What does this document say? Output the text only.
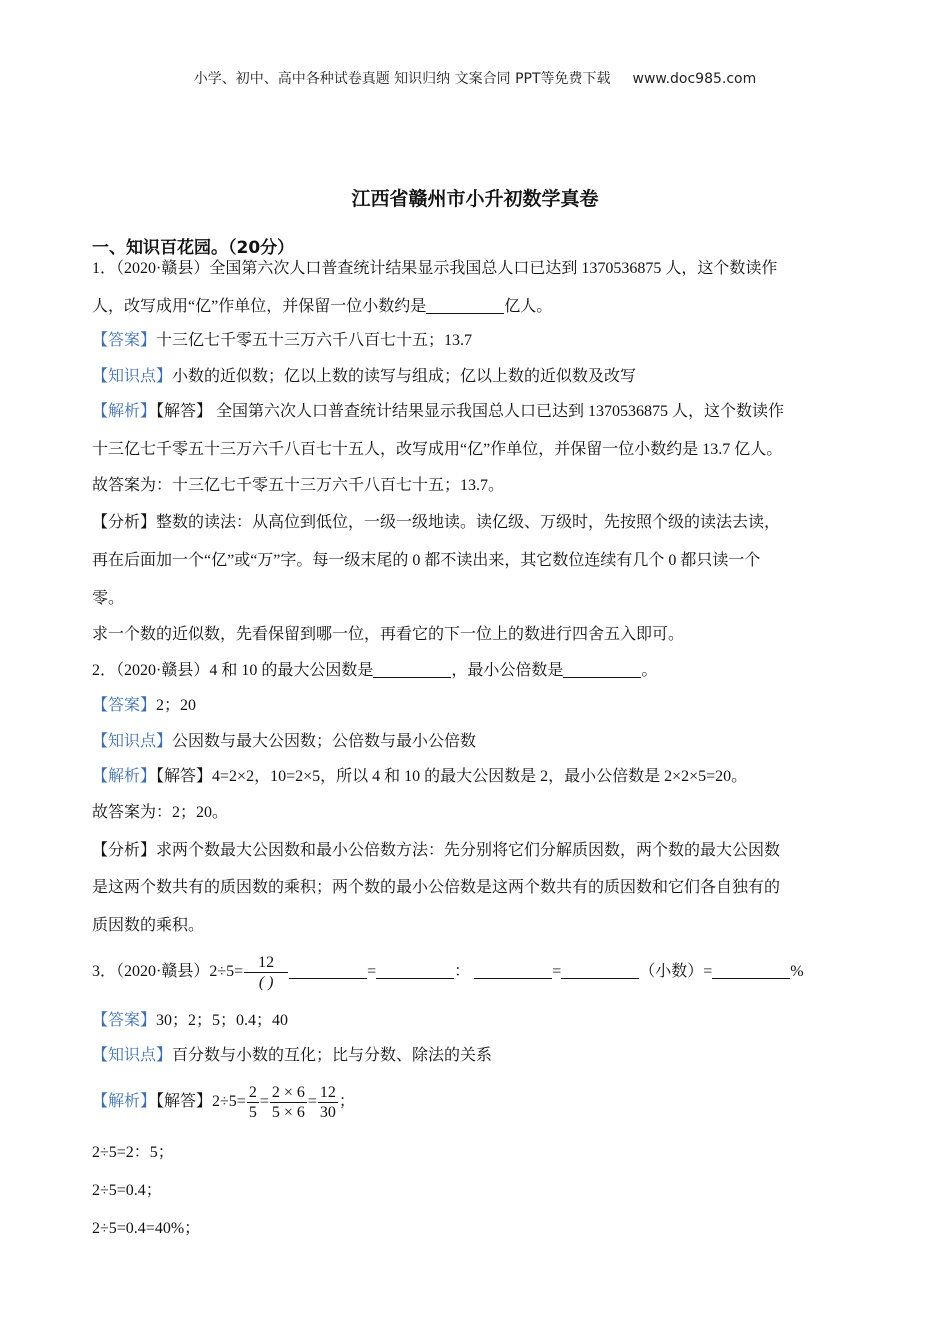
小学、初中、高中各种试卷真题 知识归纳 文案合同 PPT等免费下载 www.doc985.com
江西省赣州市小升初数学真卷
一、知识百花园。（20分）
1．（2020·赣县）全国第六次人口普查统计结果显示我国总人口已达到 1370536875 人，这个数读作
人，改写成用“亿”作单位，并保留一位小数约是	亿人。
【答案】十三亿七千零五十三万六千八百七十五；13.7
【知识点】小数的近似数；亿以上数的读写与组成；亿以上数的近似数及改写
【解析】【解答】 全国第六次人口普查统计结果显示我国总人口已达到 1370536875 人，这个数读作
十三亿七千零五十三万六千八百七十五人，改写成用“亿”作单位，并保留一位小数约是 13.7 亿人。
故答案为：十三亿七千零五十三万六千八百七十五；13.7。
【分析】整数的读法：从高位到低位，一级一级地读。读亿级、万级时，先按照个级的读法去读，
再在后面加一个“亿”或“万”字。每一级末尾的 0 都不读出来，其它数位连续有几个 0 都只读一个
零。
求一个数的近似数，先看保留到哪一位，再看它的下一位上的数进行四舍五入即可。
2．（2020·赣县）4 和 10 的最大公因数是	，最小公倍数是	。
【答案】2；20
【知识点】公因数与最大公因数；公倍数与最小公倍数
【解析】【解答】4=2×2，10=2×5，所以 4 和 10 的最大公因数是 2，最小公倍数是 2×2×5=20。
故答案为：2；20。
【分析】求两个数最大公因数和最小公倍数方法：先分别将它们分解质因数，两个数的最大公因数
是这两个数共有的质因数的乘积；两个数的最小公倍数是这两个数共有的质因数和它们各自独有的
质因数的乘积。
3．（2020·赣县）$2\div 5= \frac{12}{( )}$	=	：	=	（小数）=	%
【答案】30；2；5；0.4；40
【知识点】百分数与小数的互化；比与分数、除法的关系
【解析】【解答】$2\div 5= \frac{2}{5} = \frac{2 \times 6}{5 \times 6} = \frac{12}{30}$ ；
2÷5=2：5；
2÷5=0.4；
2÷5=0.4=40%；
